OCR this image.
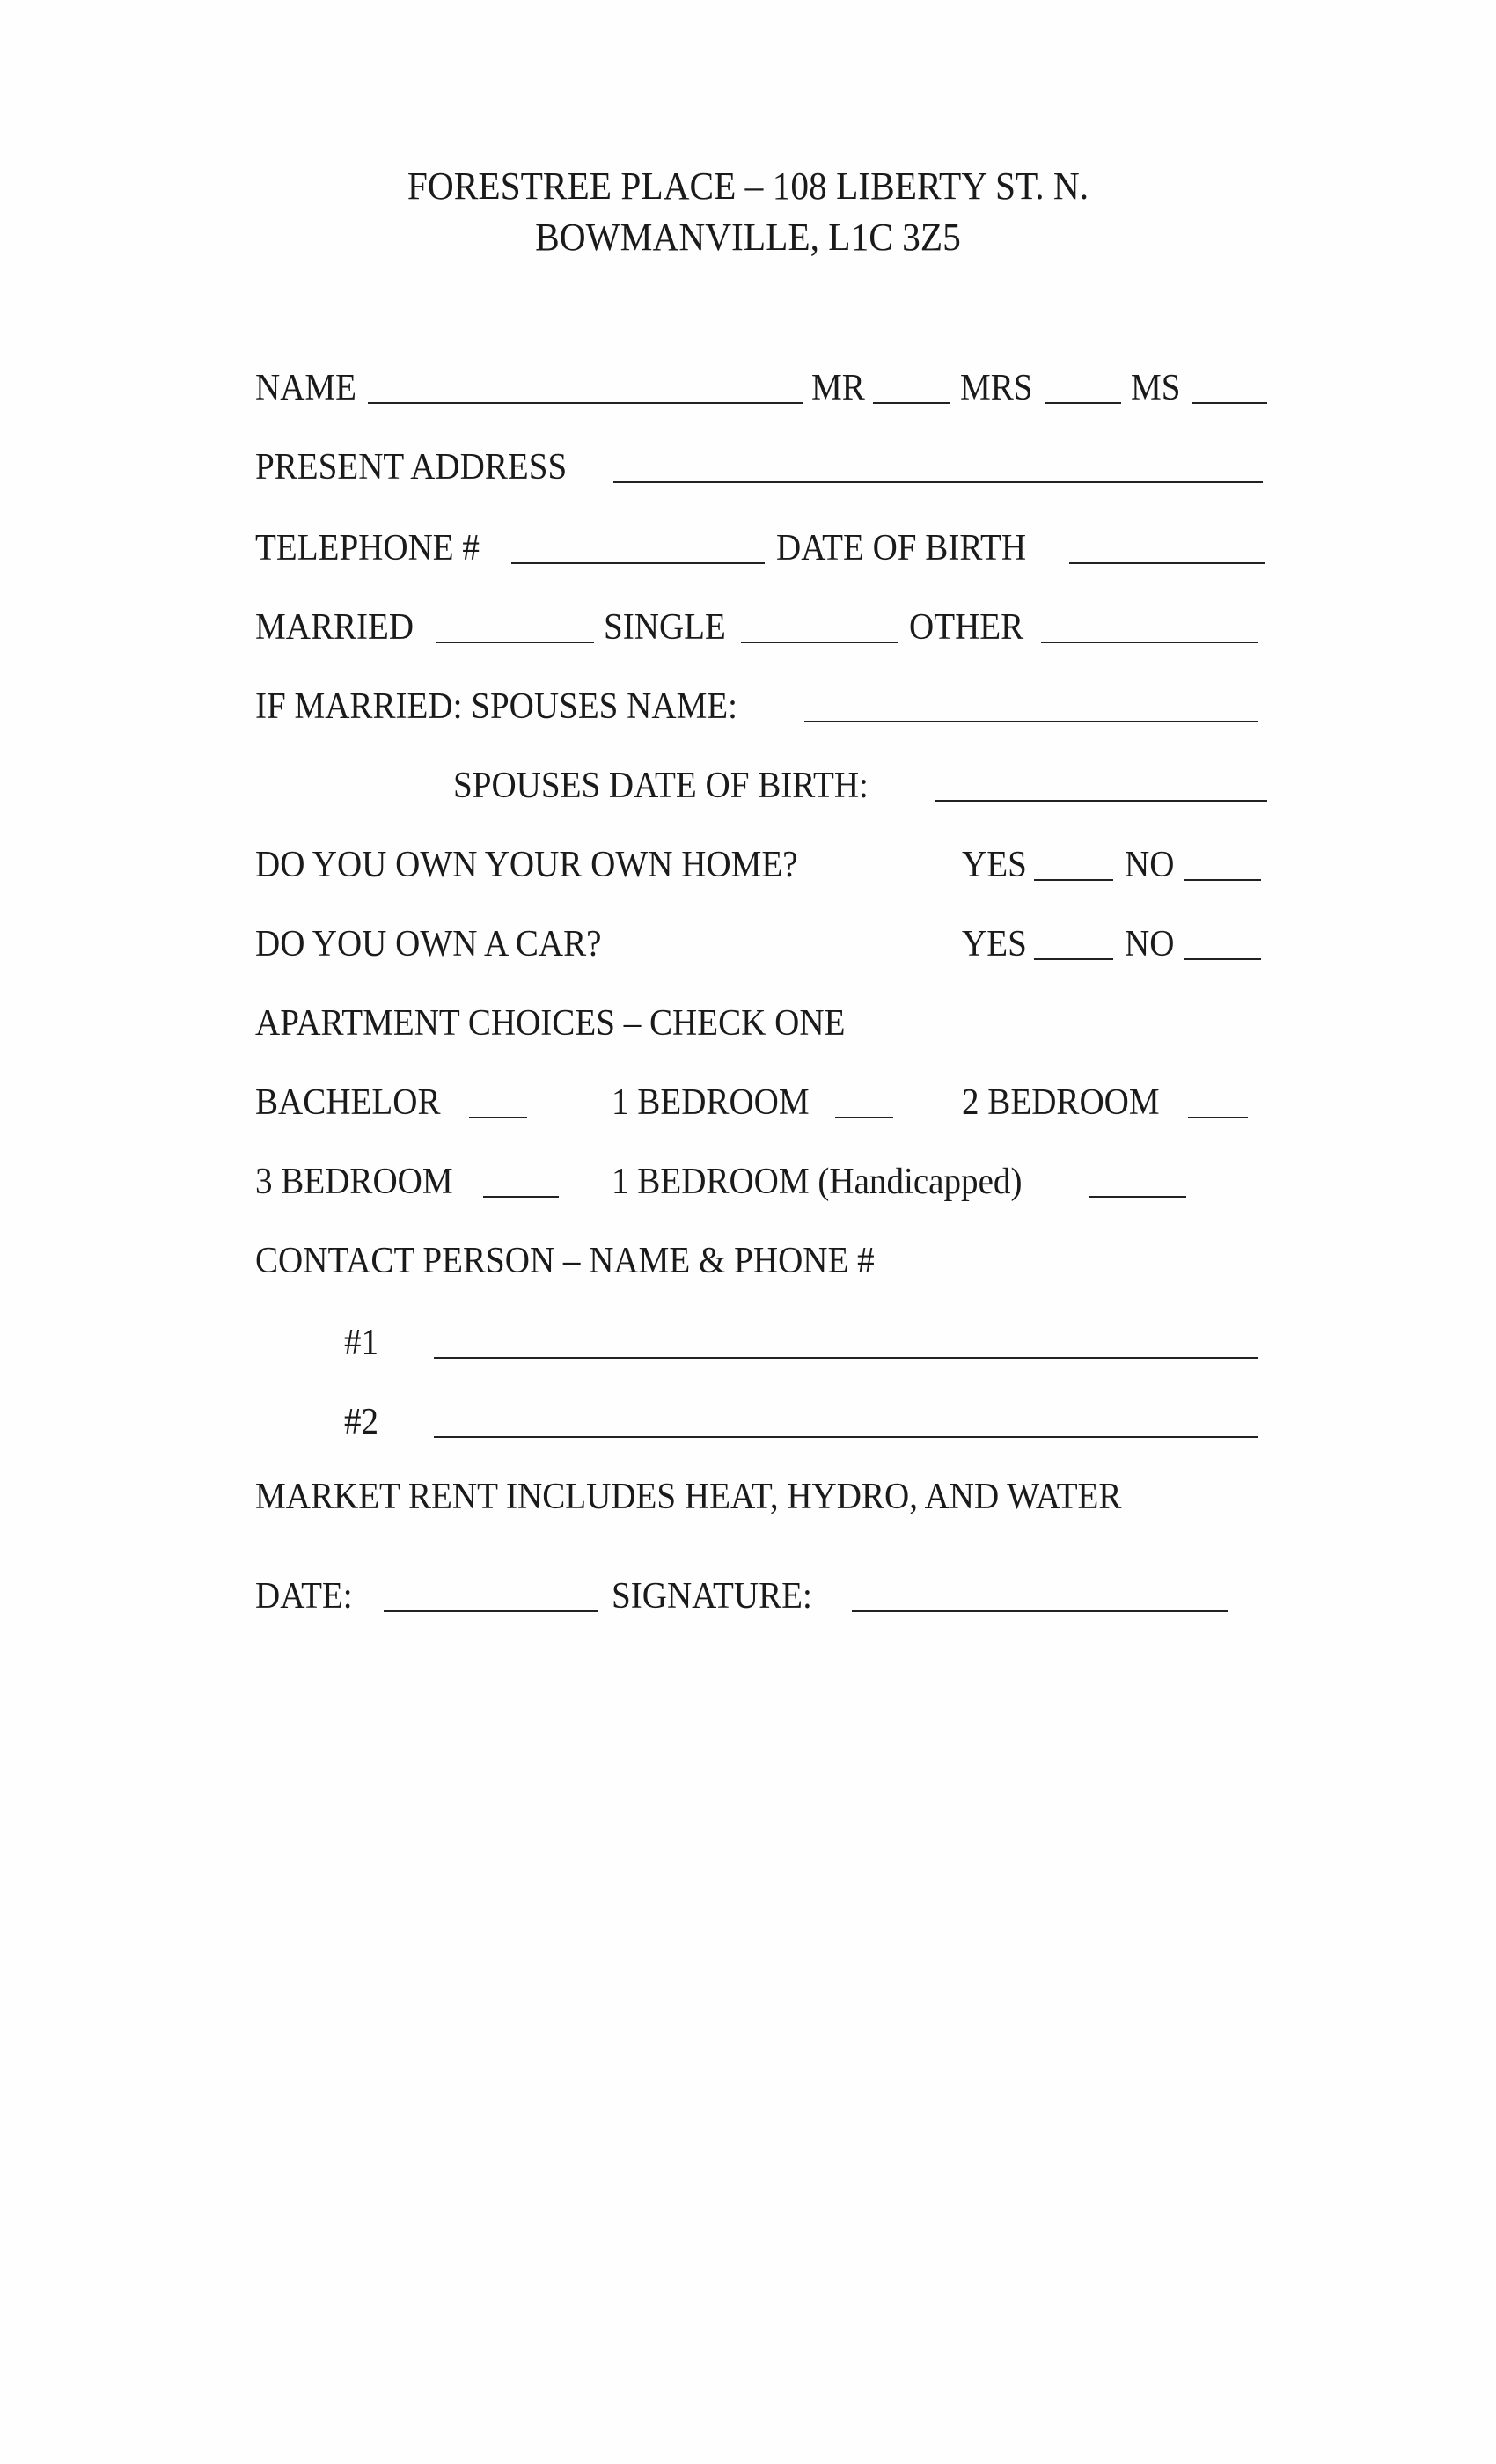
FORESTREE PLACE – 108 LIBERTY ST. N.
BOWMANVILLE, L1C 3Z5
NAME	MR	MRS	MS
PRESENT ADDRESS
TELEPHONE #	DATE OF BIRTH
MARRIED	SINGLE	OTHER
IF MARRIED: SPOUSES NAME:
SPOUSES DATE OF BIRTH:
DO YOU OWN YOUR OWN HOME?	YES	NO
DO YOU OWN A CAR?	YES	NO
APARTMENT CHOICES – CHECK ONE
BACHELOR	1 BEDROOM	2 BEDROOM
3 BEDROOM	1 BEDROOM (Handicapped)
CONTACT PERSON – NAME & PHONE #
#1
#2
MARKET RENT INCLUDES HEAT, HYDRO, AND WATER
DATE:	SIGNATURE:
